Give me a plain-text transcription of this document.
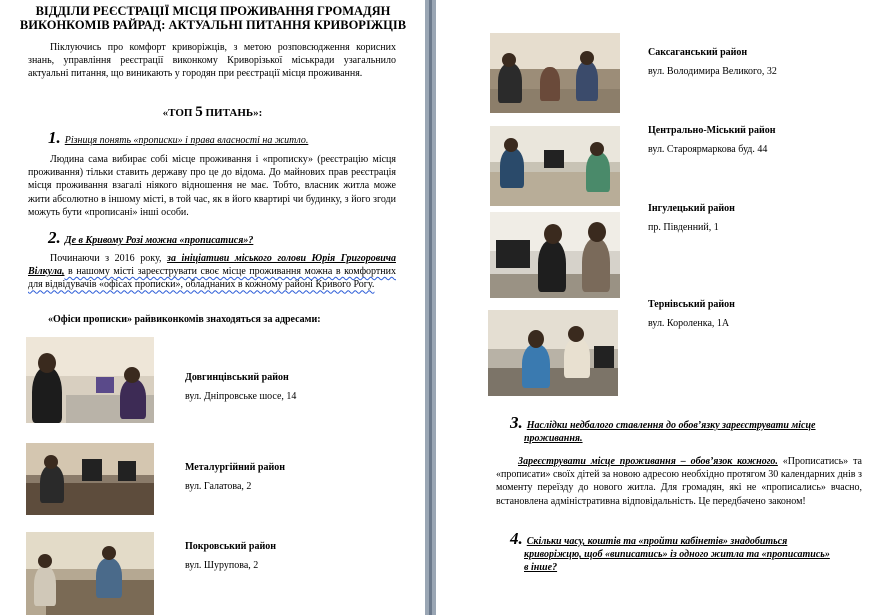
ВІДДІЛИ РЕЄСТРАЦІЇ МІСЦЯ ПРОЖИВАННЯ ГРОМАДЯН
ВИКОНКОМІВ РАЙРАД: АКТУАЛЬНІ ПИТАННЯ КРИВОРІЖЦІВ
Піклуючись про комфорт криворіжців, з метою розповсюдження корисних знань, управління реєстрації виконкому Криворізької міськради узагальнило актуальні питання, що виникають у городян при реєстрації місця проживання.
«ТОП 5 ПИТАНЬ»:
1. Різниця понять «прописки» і права власності на житло.
Людина сама вибирає собі місце проживання і «прописку» (реєстрацію місця проживання) тільки ставить державу про це до відома. До майнових прав реєстрація місця проживання взагалі ніякого відношення не має. Тобто, власник житла може жити абсолютно в іншому місті, в той час, як в його квартирі чи будинку, з його згоди можуть бути «прописані» інші особи.
2. Де в Кривому Розі можна «прописатися»?
Починаючи з 2016 року, за ініціативи міського голови Юрія Григоровича Вілкула, в нашому місті зареєструвати своє місце проживання можна в комфортних для відвідувачів «офісах прописки», обладнаних в кожному районі Кривого Рогу.
«Офіси прописки» райвиконкомів знаходяться за адресами:
Довгинцівський район
вул. Дніпровське шосе, 14
Металургійний район
вул. Галатова, 2
Покровський район
вул. Шурупова, 2
Саксаганський район
вул. Володимира Великого, 32
Центрально-Міський район
вул. Староярмаркова буд. 44
Інгулецький район
пр. Південний, 1
Тернівський район
вул. Короленка, 1А
3. Наслідки недбалого ставлення до обов’язку зареєструвати місце
проживання.
Зареєструвати місце проживання – обов’язок кожного. «Прописатись» та «прописати» своїх дітей за новою адресою необхідно протягом 30 календарних днів з моменту переїзду до нового житла. Для громадян, які не «прописались» вчасно, встановлена адміністративна відповідальність. Це передбачено законом!
4. Скільки часу, коштів та «пройти кабінетів» знадобиться
криворіжцю, щоб «виписатись» із одного житла та «прописатись»
в інше?
